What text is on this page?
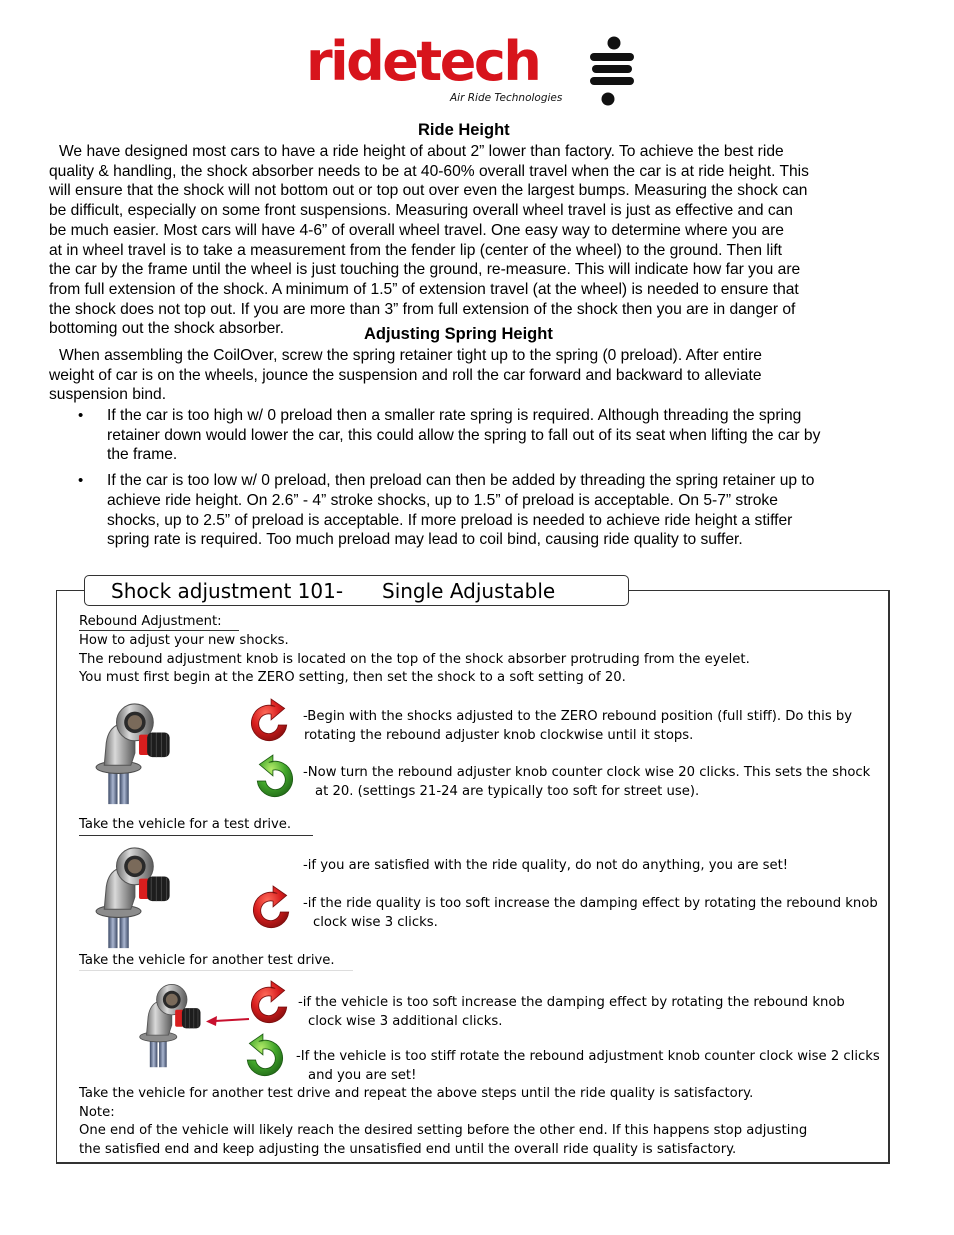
ridetech
Air Ride Technologies
Ride Height
We have designed most cars to have a ride height of about 2” lower than factory. To achieve the best ride
quality & handling, the shock absorber needs to be at 40-60% overall travel when the car is at ride height. This
will ensure that the shock will not bottom out or top out over even the largest bumps. Measuring the shock can
be difficult, especially on some front suspensions. Measuring overall wheel travel is just as effective and can
be much easier. Most cars will have 4-6” of overall wheel travel. One easy way to determine where you are
at in wheel travel is to take a measurement from the fender lip (center of the wheel) to the ground. Then lift
the car by the frame until the wheel is just touching the ground, re-measure. This will indicate how far you are
from full extension of the shock. A minimum of 1.5” of extension travel (at the wheel) is needed to ensure that
the shock does not top out. If you are more than 3” from full extension of the shock then you are in danger of
bottoming out the shock absorber.	Adjusting Spring Height
When assembling the CoilOver, screw the spring retainer tight up to the spring (0 preload). After entire
weight of car is on the wheels, jounce the suspension and roll the car forward and backward to alleviate
suspension bind.
• If the car is too high w/ 0 preload then a smaller rate spring is required. Although threading the spring
retainer down would lower the car, this could allow the spring to fall out of its seat when lifting the car by
the frame.
• If the car is too low w/ 0 preload, then preload can then be added by threading the spring retainer up to
achieve ride height. On 2.6” - 4” stroke shocks, up to 1.5” of preload is acceptable. On 5-7” stroke
shocks, up to 2.5” of preload is acceptable. If more preload is needed to achieve ride height a stiffer
spring rate is required. Too much preload may lead to coil bind, causing ride quality to suffer.
Shock adjustment 101- Single Adjustable
Rebound Adjustment:
How to adjust your new shocks.
The rebound adjustment knob is located on the top of the shock absorber protruding from the eyelet.
You must first begin at the ZERO setting, then set the shock to a soft setting of 20.
-Begin with the shocks adjusted to the ZERO rebound position (full stiff). Do this by
rotating the rebound adjuster knob clockwise until it stops.
-Now turn the rebound adjuster knob counter clock wise 20 clicks. This sets the shock
at 20. (settings 21-24 are typically too soft for street use).
Take the vehicle for a test drive.
-if you are satisfied with the ride quality, do not do anything, you are set!
-if the ride quality is too soft increase the damping effect by rotating the rebound knob
clock wise 3 clicks.
Take the vehicle for another test drive.
-if the vehicle is too soft increase the damping effect by rotating the rebound knob
clock wise 3 additional clicks.
-If the vehicle is too stiff rotate the rebound adjustment knob counter clock wise 2 clicks
and you are set!
Take the vehicle for another test drive and repeat the above steps until the ride quality is satisfactory.
Note:
One end of the vehicle will likely reach the desired setting before the other end. If this happens stop adjusting
the satisfied end and keep adjusting the unsatisfied end until the overall ride quality is satisfactory.
